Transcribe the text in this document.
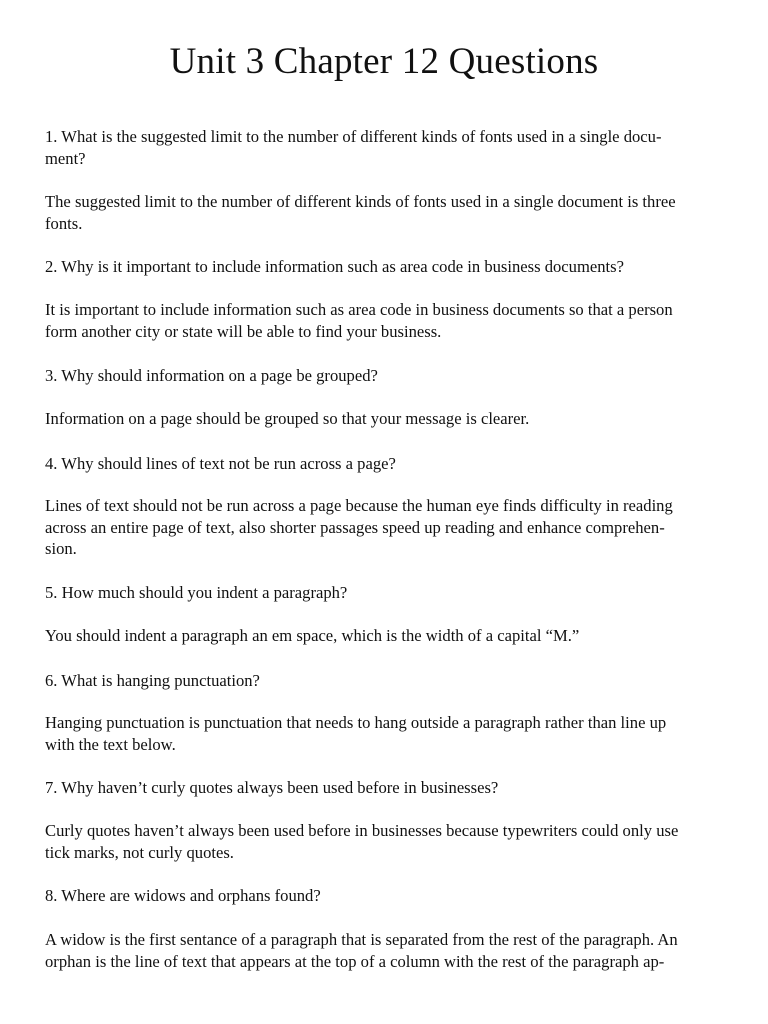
Unit 3 Chapter 12 Questions

1. What is the suggested limit to the number of different kinds of fonts used in a single docu-
ment?

The suggested limit to the number of different kinds of fonts used in a single document is three
fonts.

2. Why is it important to include information such as area code in business documents?

It is important to include information such as area code in business documents so that a person
form another city or state will be able to find your business.

3. Why should information on a page be grouped?

Information on a page should be grouped so that your message is clearer.

4. Why should lines of text not be run across a page?

Lines of text should not be run across a page because the human eye finds difficulty in reading
across an entire page of text, also shorter passages speed up reading and enhance comprehen-
sion.

5. How much should you indent a paragraph?

You should indent a paragraph an em space, which is the width of a capital “M.”

6. What is hanging punctuation?

Hanging punctuation is punctuation that needs to hang outside a paragraph rather than line up
with the text below.

7. Why haven’t curly quotes always been used before in businesses?

Curly quotes haven’t always been used before in businesses because typewriters could only use
tick marks, not curly quotes.

8. Where are widows and orphans found?

A widow is the first sentance of a paragraph that is separated from the rest of the paragraph. An
orphan is the line of text that appears at the top of a column with the rest of the paragraph ap-
